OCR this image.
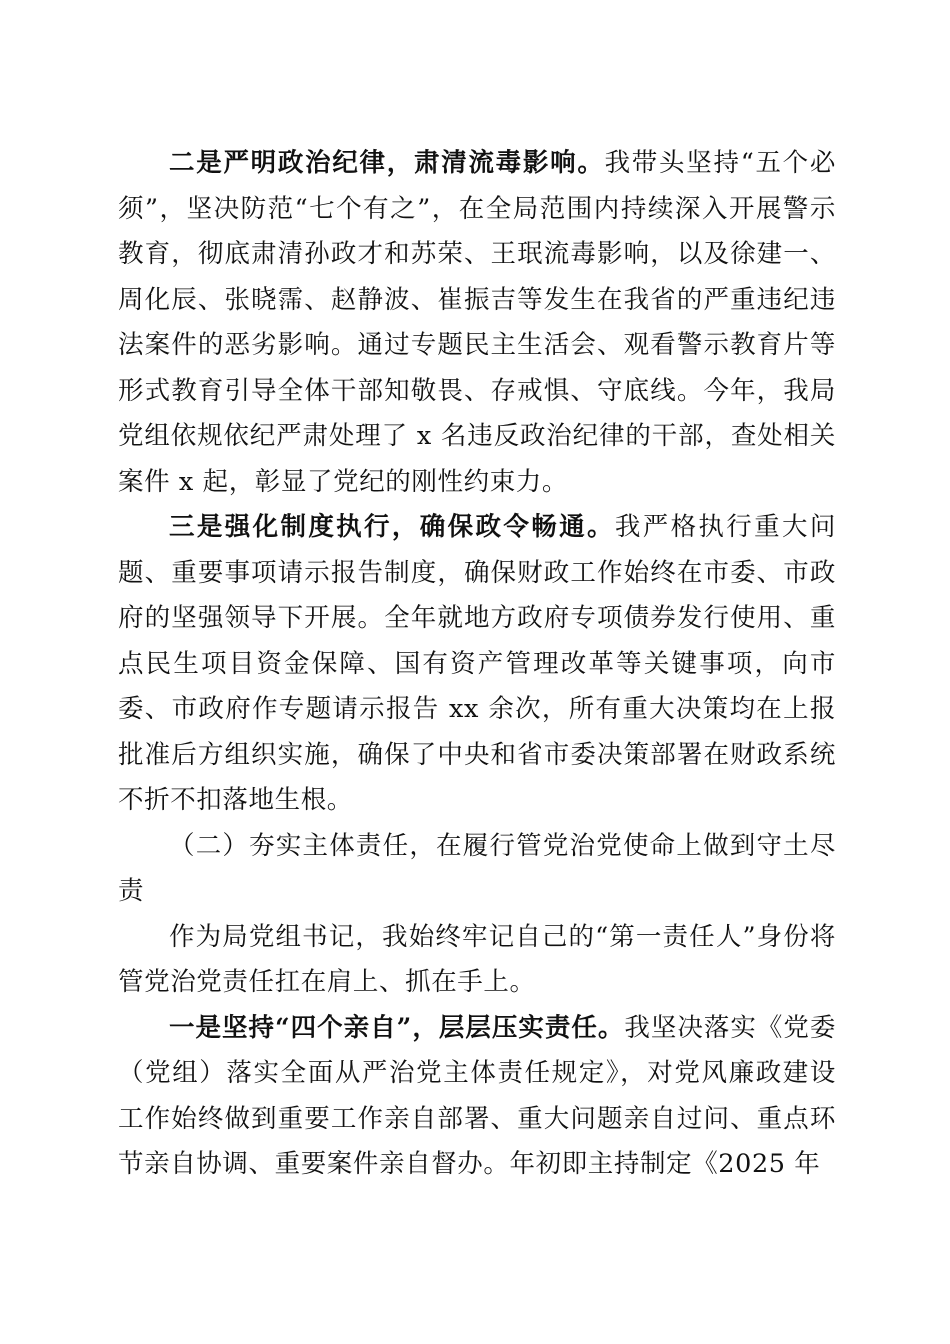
二是严明政治纪律，肃清流毒影响。我带头坚持“五个必须”，坚决防范“七个有之”，在全局范围内持续深入开展警示教育，彻底肃清孙政才和苏荣、王珉流毒影响，以及徐建一、周化辰、张晓霈、赵静波、崔振吉等发生在我省的严重违纪违法案件的恶劣影响。通过专题民主生活会、观看警示教育片等形式教育引导全体干部知敬畏、存戒惧、守底线。今年，我局党组依规依纪严肃处理了 x 名违反政治纪律的干部，查处相关案件 x 起，彰显了党纪的刚性约束力。

三是强化制度执行，确保政令畅通。我严格执行重大问题、重要事项请示报告制度，确保财政工作始终在市委、市政府的坚强领导下开展。全年就地方政府专项债券发行使用、重点民生项目资金保障、国有资产管理改革等关键事项，向市委、市政府作专题请示报告 xx 余次，所有重大决策均在上报批准后方组织实施，确保了中央和省市委决策部署在财政系统不折不扣落地生根。

（二）夯实主体责任，在履行管党治党使命上做到守土尽责

作为局党组书记，我始终牢记自己的“第一责任人”身份将管党治党责任扛在肩上、抓在手上。

一是坚持“四个亲自”，层层压实责任。我坚决落实《党委（党组）落实全面从严治党主体责任规定》，对党风廉政建设工作始终做到重要工作亲自部署、重大问题亲自过问、重点环节亲自协调、重要案件亲自督办。年初即主持制定《2025 年
